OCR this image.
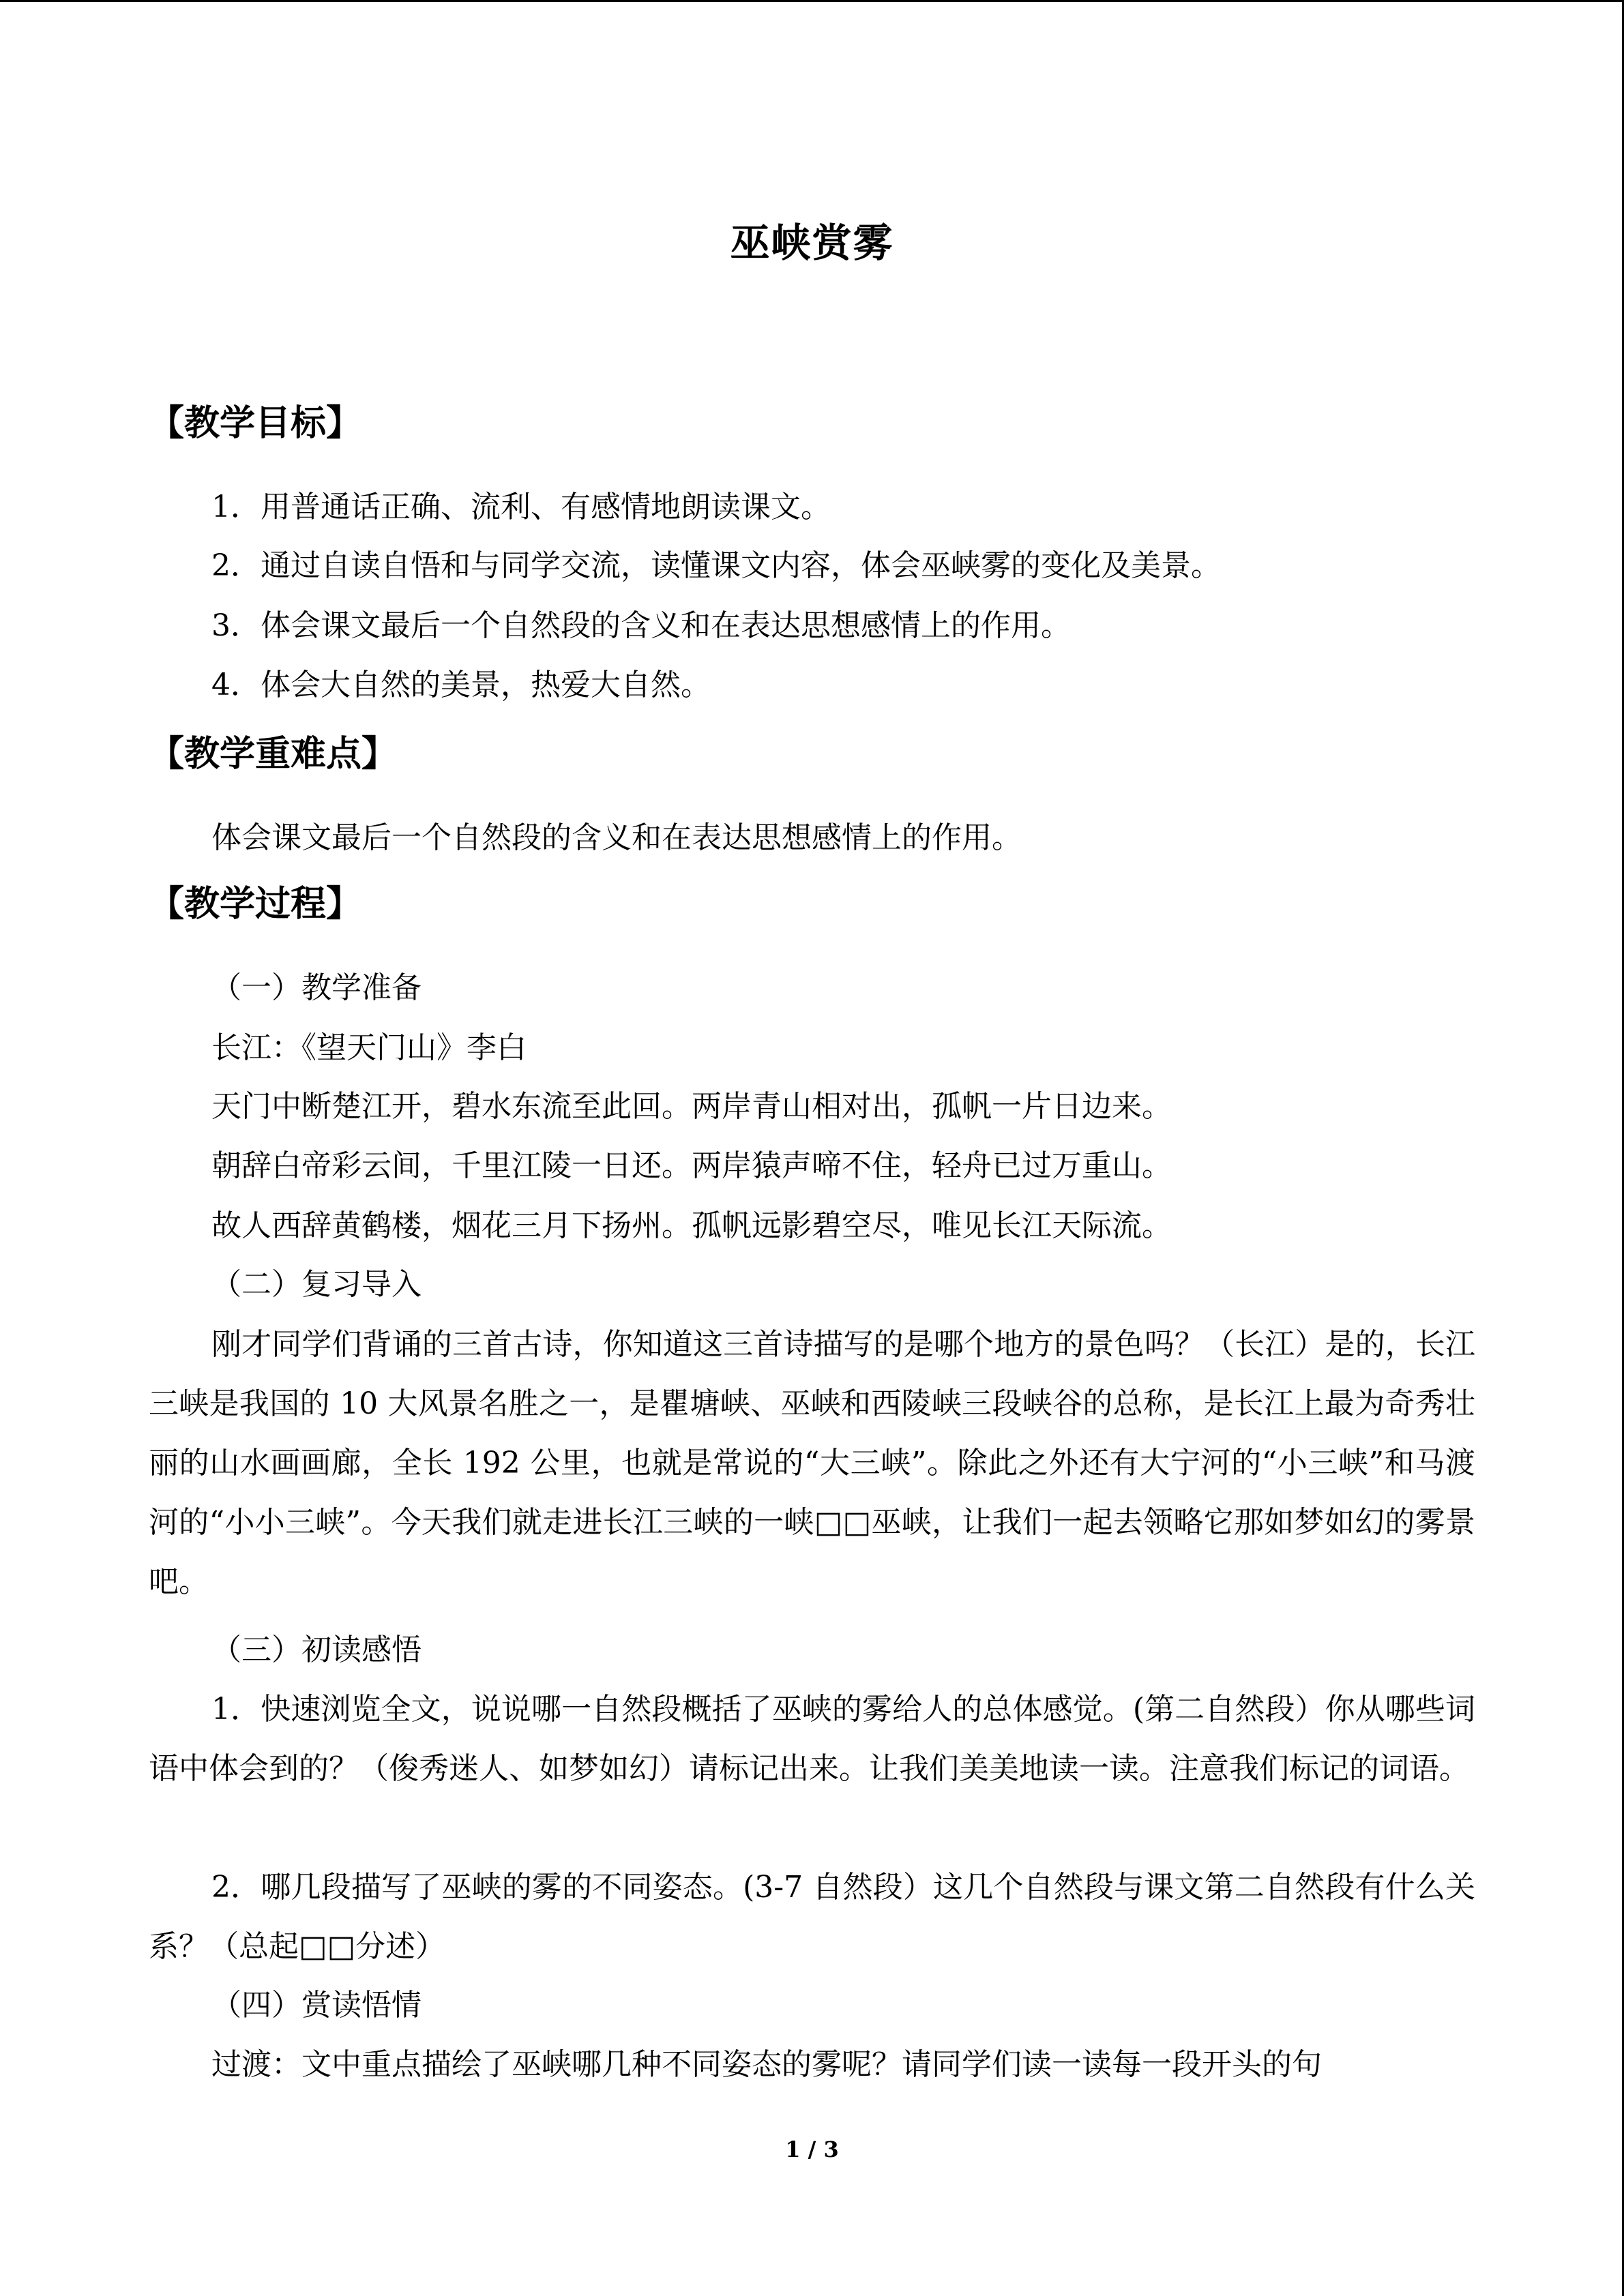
巫峡赏雾
【教学目标】
1．用普通话正确、流利、有感情地朗读课文。
2．通过自读自悟和与同学交流，读懂课文内容，体会巫峡雾的变化及美景。
3．体会课文最后一个自然段的含义和在表达思想感情上的作用。
4．体会大自然的美景，热爱大自然。
【教学重难点】
体会课文最后一个自然段的含义和在表达思想感情上的作用。
【教学过程】
（一）教学准备
长江：《望天门山》李白
天门中断楚江开，碧水东流至此回。两岸青山相对出，孤帆一片日边来。
朝辞白帝彩云间，千里江陵一日还。两岸猿声啼不住，轻舟已过万重山。
故人西辞黄鹤楼，烟花三月下扬州。孤帆远影碧空尽，唯见长江天际流。
（二）复习导入
刚才同学们背诵的三首古诗，你知道这三首诗描写的是哪个地方的景色吗？（长江）是的，长江三峡是我国的 10 大风景名胜之一，是瞿塘峡、巫峡和西陵峡三段峡谷的总称，是长江上最为奇秀壮丽的山水画画廊，全长 192 公里，也就是常说的“大三峡”。除此之外还有大宁河的“小三峡”和马渡河的“小小三峡”。今天我们就走进长江三峡的一峡□□巫峡，让我们一起去领略它那如梦如幻的雾景吧。
（三）初读感悟
1．快速浏览全文，说说哪一自然段概括了巫峡的雾给人的总体感觉。(第二自然段）你从哪些词语中体会到的？（俊秀迷人、如梦如幻）请标记出来。让我们美美地读一读。注意我们标记的词语。
2．哪几段描写了巫峡的雾的不同姿态。(3-7 自然段）这几个自然段与课文第二自然段有什么关系？（总起□□分述）
（四）赏读悟情
过渡：文中重点描绘了巫峡哪几种不同姿态的雾呢？请同学们读一读每一段开头的句
1 / 3
